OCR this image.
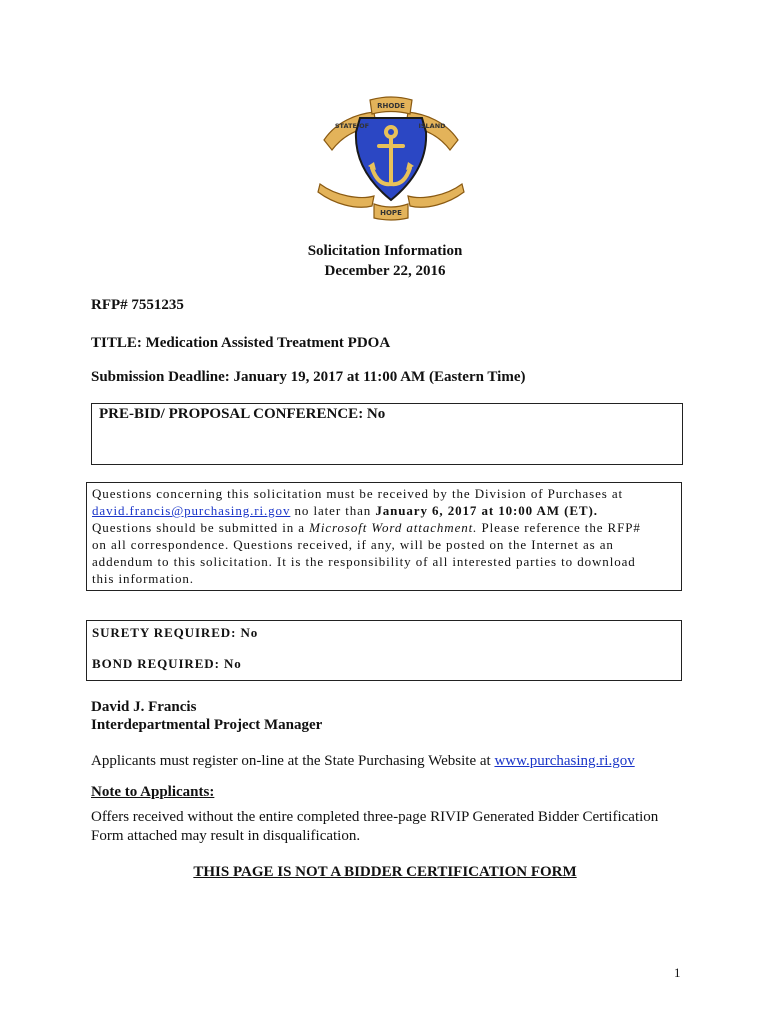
RHODE
STATE OF	ISLAND
HOPE
Solicitation Information
December 22, 2016
RFP# 7551235
TITLE: Medication Assisted Treatment PDOA
Submission Deadline: January 19, 2017 at 11:00 AM (Eastern Time)
PRE-BID/ PROPOSAL CONFERENCE: No
Questions concerning this solicitation must be received by the Division of Purchases at
david.francis@purchasing.ri.gov no later than January 6, 2017 at 10:00 AM (ET).
Questions should be submitted in a Microsoft Word attachment. Please reference the RFP#
on all correspondence. Questions received, if any, will be posted on the Internet as an
addendum to this solicitation. It is the responsibility of all interested parties to download
this information.
SURETY REQUIRED: No
BOND REQUIRED: No
David J. Francis
Interdepartmental Project Manager
Applicants must register on-line at the State Purchasing Website at www.purchasing.ri.gov
Note to Applicants:
Offers received without the entire completed three-page RIVIP Generated Bidder Certification
Form attached may result in disqualification.
THIS PAGE IS NOT A BIDDER CERTIFICATION FORM
1
